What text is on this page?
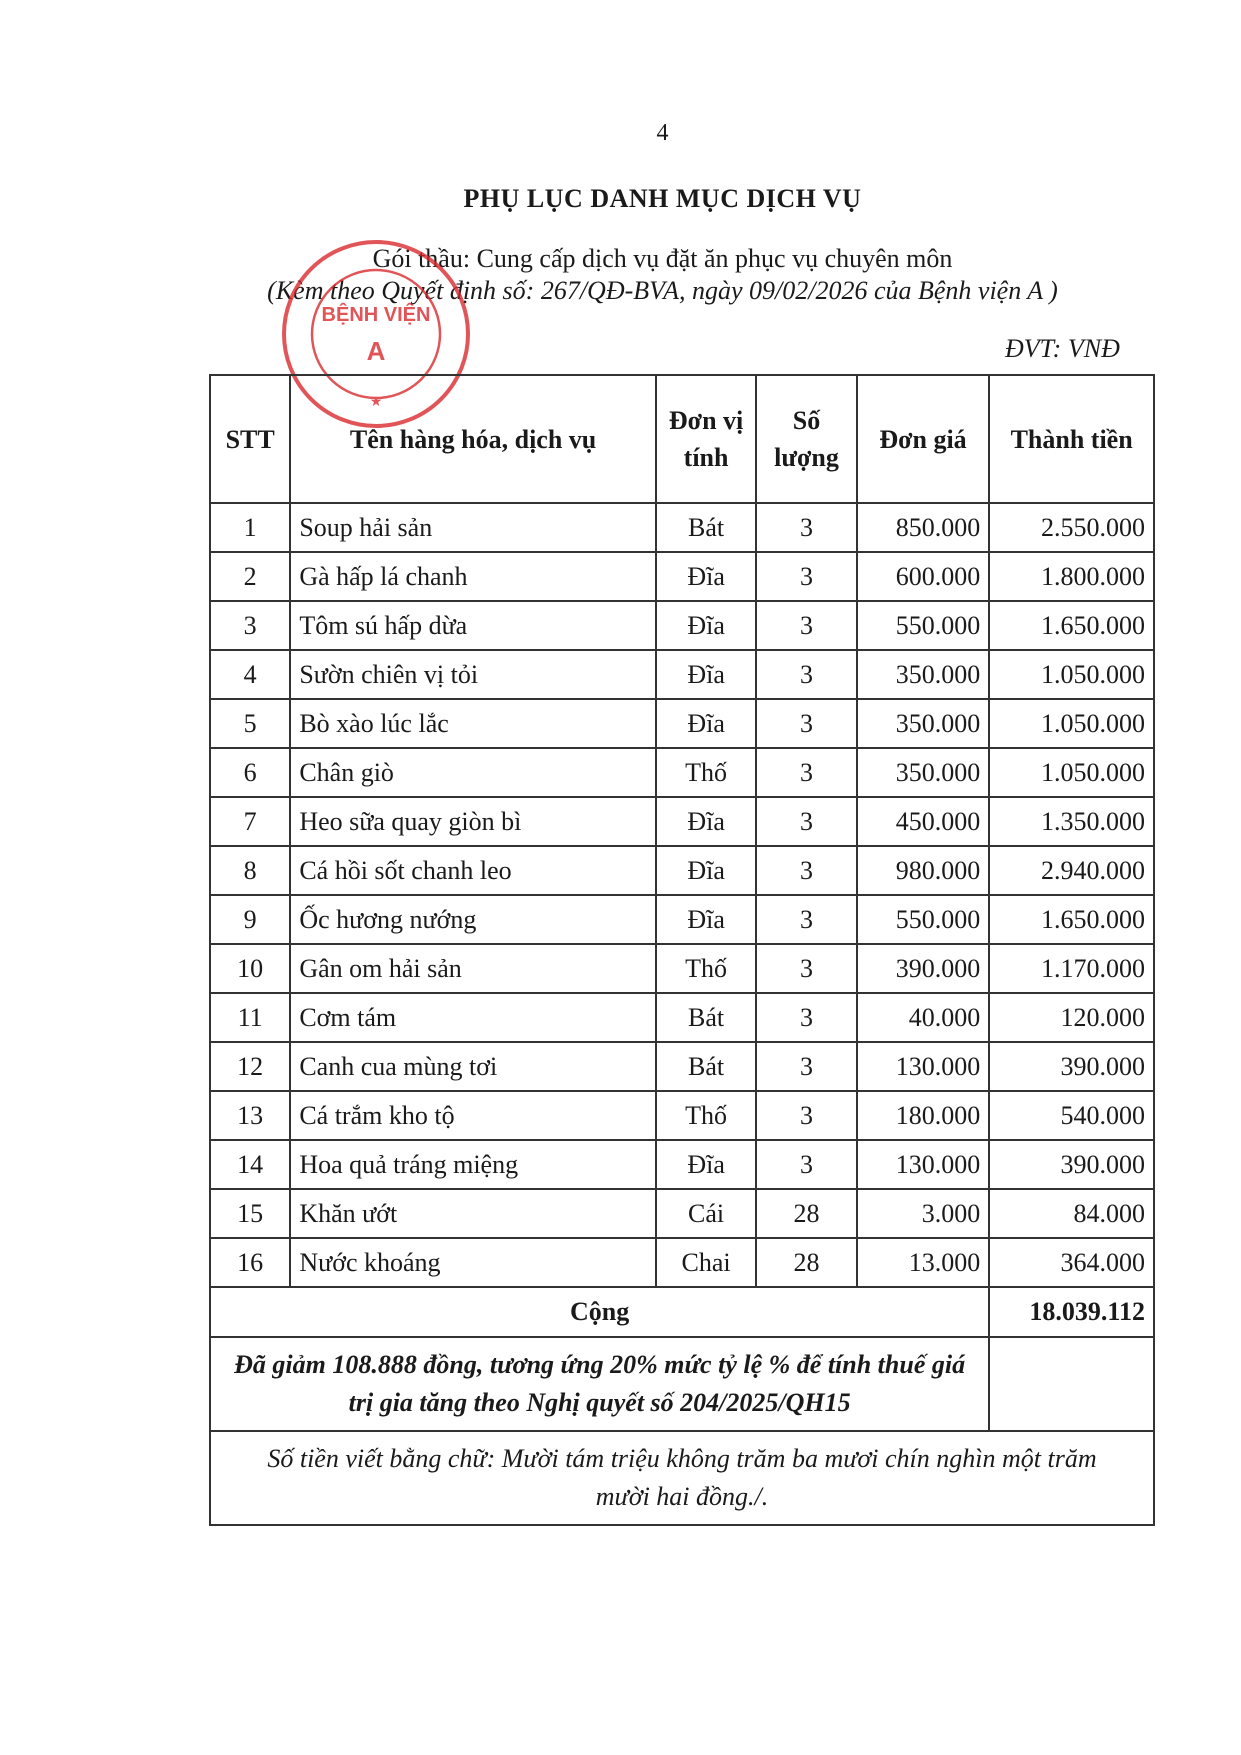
4
PHỤ LỤC DANH MỤC DỊCH VỤ
Gói thầu: Cung cấp dịch vụ đặt ăn phục vụ chuyên môn
(Kèm theo Quyết định số: 267/QĐ-BVA, ngày 09/02/2026 của Bệnh viện A )
ĐVT: VNĐ
★
BỆNH VIỆN
A
STT	Tên hàng hóa, dịch vụ	Đơn vị tính	Số lượng	Đơn giá	Thành tiền
1	Soup hải sản	Bát	3	850.000	2.550.000
2	Gà hấp lá chanh	Đĩa	3	600.000	1.800.000
3	Tôm sú hấp dừa	Đĩa	3	550.000	1.650.000
4	Sườn chiên vị tỏi	Đĩa	3	350.000	1.050.000
5	Bò xào lúc lắc	Đĩa	3	350.000	1.050.000
6	Chân giò	Thố	3	350.000	1.050.000
7	Heo sữa quay giòn bì	Đĩa	3	450.000	1.350.000
8	Cá hồi sốt chanh leo	Đĩa	3	980.000	2.940.000
9	Ốc hương nướng	Đĩa	3	550.000	1.650.000
10	Gân om hải sản	Thố	3	390.000	1.170.000
11	Cơm tám	Bát	3	40.000	120.000
12	Canh cua mùng tơi	Bát	3	130.000	390.000
13	Cá trắm kho tộ	Thố	3	180.000	540.000
14	Hoa quả tráng miệng	Đĩa	3	130.000	390.000
15	Khăn ướt	Cái	28	3.000	84.000
16	Nước khoáng	Chai	28	13.000	364.000
Cộng					18.039.112
Đã giảm 108.888 đồng, tương ứng 20% mức tỷ lệ % để tính thuế giá trị gia tăng theo Nghị quyết số 204/2025/QH15					
Số tiền viết bằng chữ: Mười tám triệu không trăm ba mươi chín nghìn một trăm mười hai đồng./.					
